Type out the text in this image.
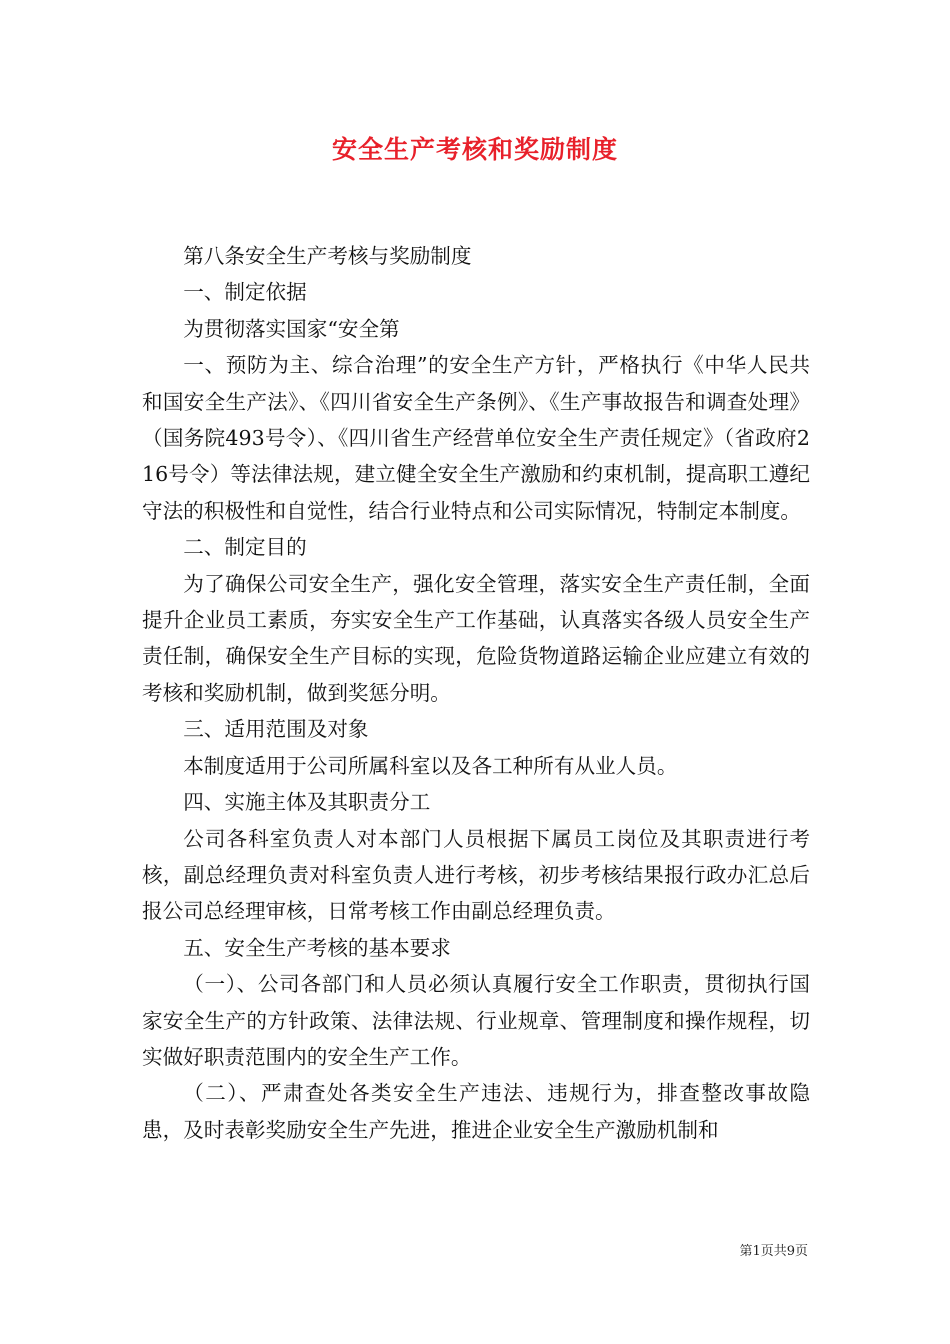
安全生产考核和奖励制度

第八条安全生产考核与奖励制度

一、制定依据

为贯彻落实国家“安全第

一、预防为主、综合治理”的安全生产方针，严格执行《中华人民共和国安全生产法》、《四川省安全生产条例》、《生产事故报告和调查处理》（国务院493号令）、《四川省生产经营单位安全生产责任规定》（省政府216号令）等法律法规，建立健全安全生产激励和约束机制，提高职工遵纪守法的积极性和自觉性，结合行业特点和公司实际情况，特制定本制度。

二、制定目的

为了确保公司安全生产，强化安全管理，落实安全生产责任制，全面提升企业员工素质，夯实安全生产工作基础，认真落实各级人员安全生产责任制，确保安全生产目标的实现，危险货物道路运输企业应建立有效的考核和奖励机制，做到奖惩分明。

三、适用范围及对象

本制度适用于公司所属科室以及各工种所有从业人员。

四、实施主体及其职责分工

公司各科室负责人对本部门人员根据下属员工岗位及其职责进行考核，副总经理负责对科室负责人进行考核，初步考核结果报行政办汇总后报公司总经理审核，日常考核工作由副总经理负责。

五、安全生产考核的基本要求

（一）、公司各部门和人员必须认真履行安全工作职责，贯彻执行国家安全生产的方针政策、法律法规、行业规章、管理制度和操作规程，切实做好职责范围内的安全生产工作。

（二）、严肃查处各类安全生产违法、违规行为，排查整改事故隐患，及时表彰奖励安全生产先进，推进企业安全生产激励机制和

第1页共9页
